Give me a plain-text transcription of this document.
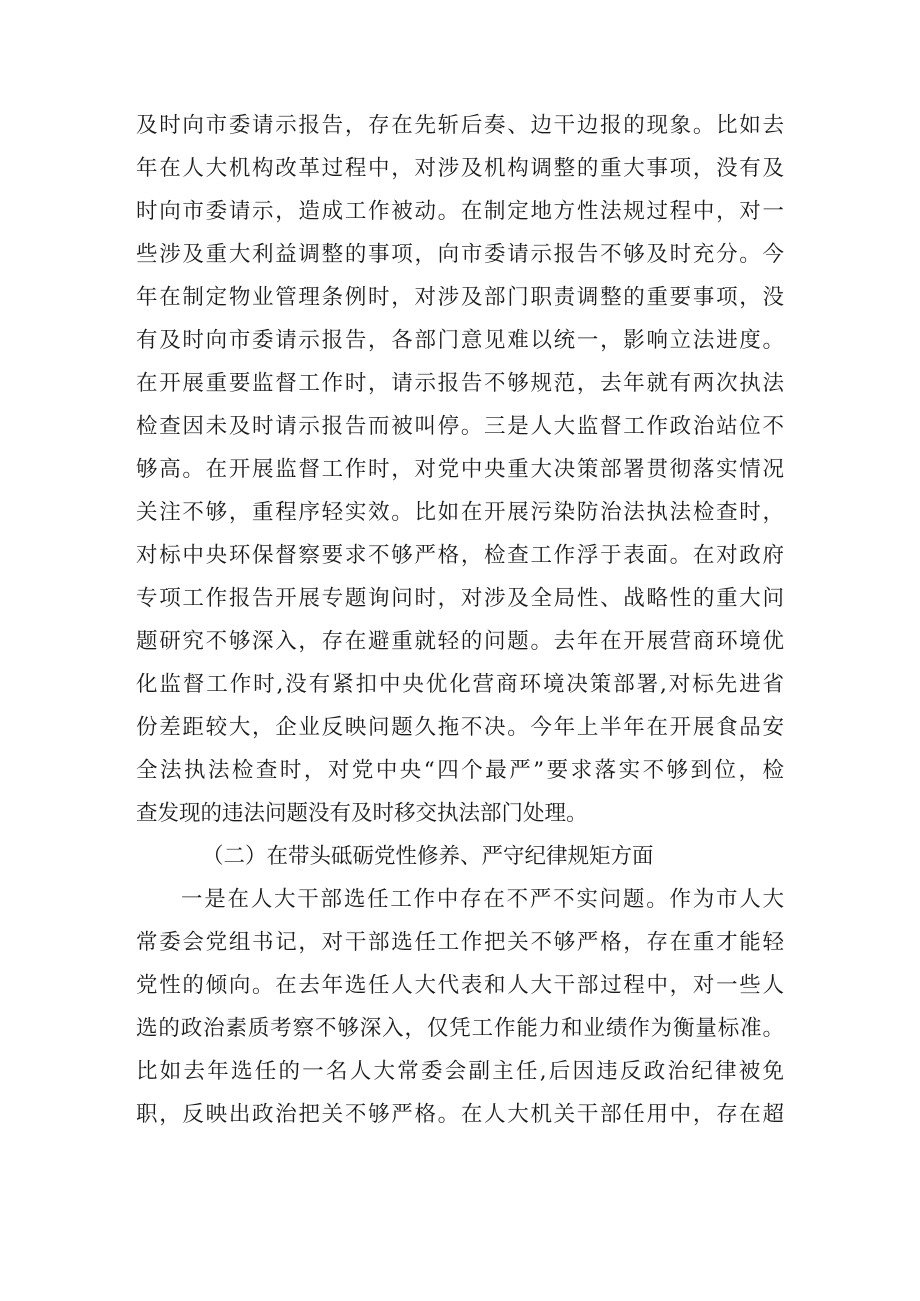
及时向市委请示报告，存在先斩后奏、边干边报的现象。比如去
年在人大机构改革过程中，对涉及机构调整的重大事项，没有及
时向市委请示，造成工作被动。在制定地方性法规过程中，对一
些涉及重大利益调整的事项，向市委请示报告不够及时充分。今
年在制定物业管理条例时，对涉及部门职责调整的重要事项，没
有及时向市委请示报告，各部门意见难以统一，影响立法进度。
在开展重要监督工作时，请示报告不够规范，去年就有两次执法
检查因未及时请示报告而被叫停。三是人大监督工作政治站位不
够高。在开展监督工作时，对党中央重大决策部署贯彻落实情况
关注不够，重程序轻实效。比如在开展污染防治法执法检查时，
对标中央环保督察要求不够严格，检查工作浮于表面。在对政府
专项工作报告开展专题询问时，对涉及全局性、战略性的重大问
题研究不够深入，存在避重就轻的问题。去年在开展营商环境优
化监督工作时,没有紧扣中央优化营商环境决策部署,对标先进省
份差距较大，企业反映问题久拖不决。今年上半年在开展食品安
全法执法检查时，对党中央“四个最严”要求落实不够到位，检
查发现的违法问题没有及时移交执法部门处理。
（二）在带头砥砺党性修养、严守纪律规矩方面
一是在人大干部选任工作中存在不严不实问题。作为市人大
常委会党组书记，对干部选任工作把关不够严格，存在重才能轻
党性的倾向。在去年选任人大代表和人大干部过程中，对一些人
选的政治素质考察不够深入，仅凭工作能力和业绩作为衡量标准。
比如去年选任的一名人大常委会副主任,后因违反政治纪律被免
职，反映出政治把关不够严格。在人大机关干部任用中，存在超
